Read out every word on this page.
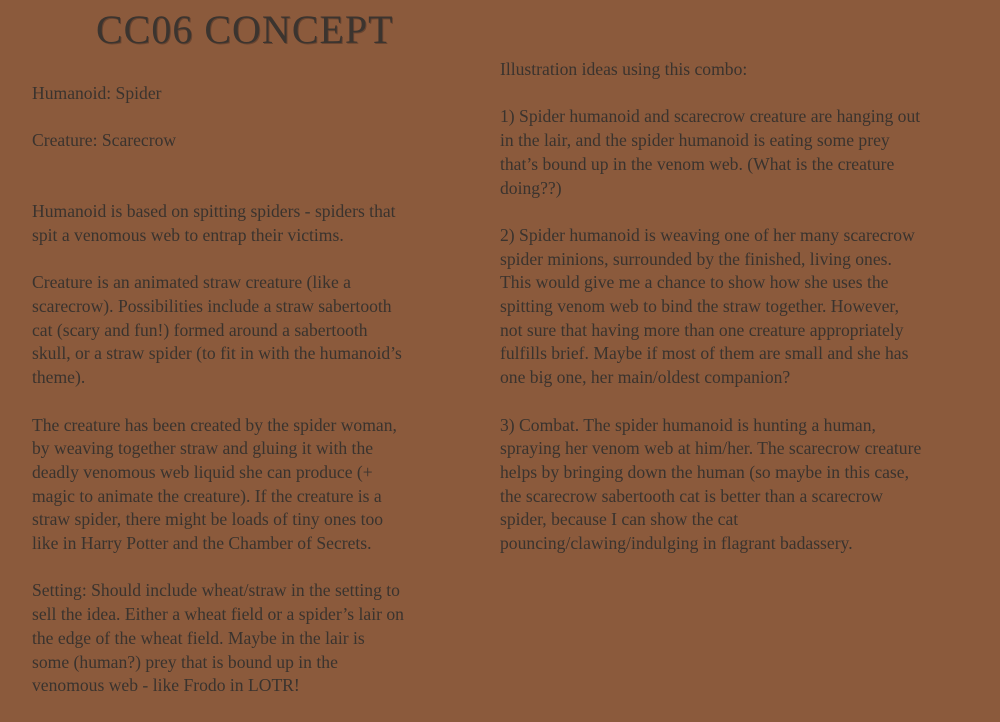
CC06 CONCEPT

Humanoid: Spider

Creature: Scarecrow

Humanoid is based on spitting spiders - spiders that
spit a venomous web to entrap their victims.

Creature is an animated straw creature (like a
scarecrow). Possibilities include a straw sabertooth
cat (scary and fun!) formed around a sabertooth
skull, or a straw spider (to fit in with the humanoid’s
theme).

The creature has been created by the spider woman,
by weaving together straw and gluing it with the
deadly venomous web liquid she can produce (+
magic to animate the creature). If the creature is a
straw spider, there might be loads of tiny ones too
like in Harry Potter and the Chamber of Secrets.

Setting: Should include wheat/straw in the setting to
sell the idea. Either a wheat field or a spider’s lair on
the edge of the wheat field. Maybe in the lair is
some (human?) prey that is bound up in the
venomous web - like Frodo in LOTR!

Illustration ideas using this combo:

1) Spider humanoid and scarecrow creature are hanging out
in the lair, and the spider humanoid is eating some prey
that’s bound up in the venom web. (What is the creature
doing??)

2) Spider humanoid is weaving one of her many scarecrow
spider minions, surrounded by the finished, living ones.
This would give me a chance to show how she uses the
spitting venom web to bind the straw together. However,
not sure that having more than one creature appropriately
fulfills brief. Maybe if most of them are small and she has
one big one, her main/oldest companion?

3) Combat. The spider humanoid is hunting a human,
spraying her venom web at him/her. The scarecrow creature
helps by bringing down the human (so maybe in this case,
the scarecrow sabertooth cat is better than a scarecrow
spider, because I can show the cat
pouncing/clawing/indulging in flagrant badassery.
